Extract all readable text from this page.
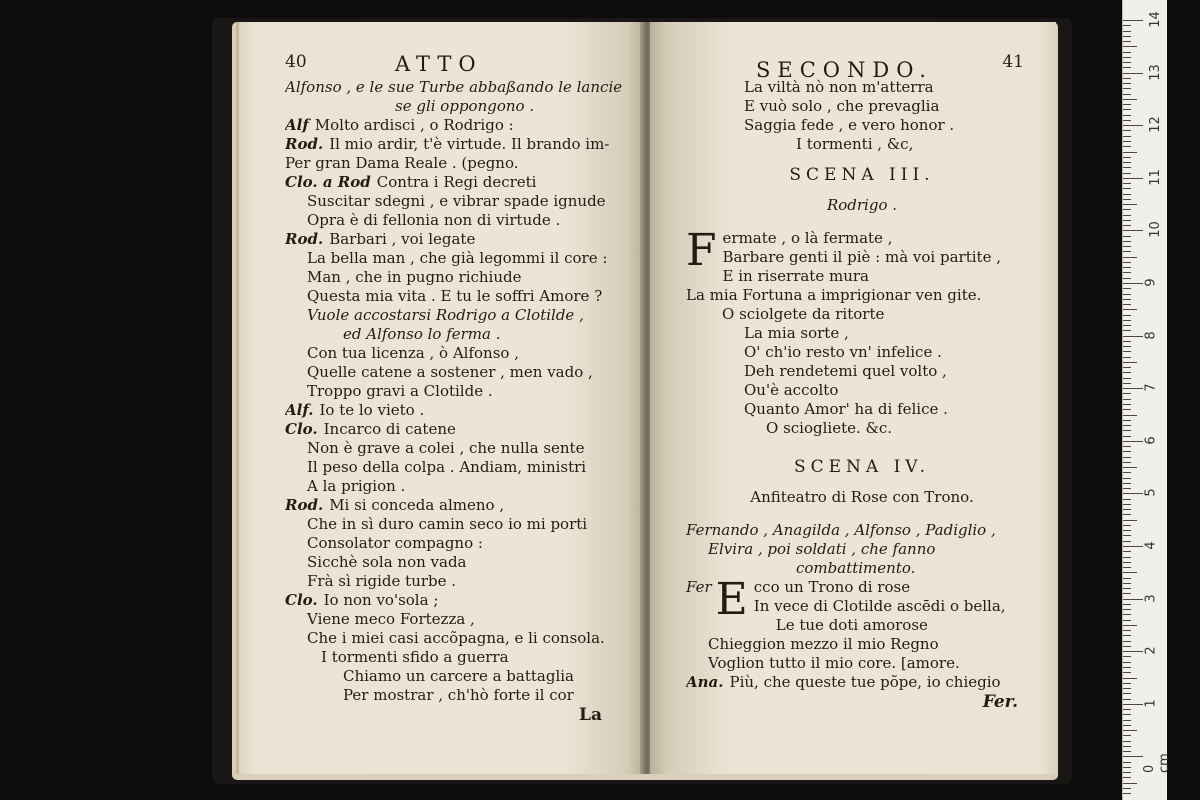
40	ATTO
Alfonso , e le sue Turbe abbaßando le lancie
se gli oppongono .
Alf Molto ardisci , o Rodrigo :
Rod. Il mio ardir, t'è virtude. Il brando im-
Per gran Dama Reale . (pegno.
Clo. a Rod Contra i Regi decreti
Suscitar sdegni , e vibrar spade ignude
Opra è di fellonia non di virtude .
Rod. Barbari , voi legate
La bella man , che già legommi il core :
Man , che in pugno richiude
Questa mia vita . E tu le soffri Amore ?
Vuole accostarsi Rodrigo a Clotilde ,
ed Alfonso lo ferma .
Con tua licenza , ò Alfonso ,
Quelle catene a sostener , men vado ,
Troppo gravi a Clotilde .
Alf. Io te lo vieto .
Clo. Incarco di catene
Non è grave a colei , che nulla sente
Il peso della colpa . Andiam, ministri
A la prigion .
Rod. Mi si conceda almeno ,
Che in sì duro camin seco io mi porti
Consolator compagno :
Sicchè sola non vada
Frà sì rigide turbe .
Clo. Io non vo'sola ;
Viene meco Fortezza ,
Che i miei casi accõpagna, e li consola.
I tormenti sfido a guerra
Chiamo un carcere a battaglia
Per mostrar , ch'hò forte il cor
La
SECONDO.	41
La viltà nò non m'atterra
E vuò solo , che prevaglia
Saggia fede , e vero honor .
I tormenti , &c,
SCENA III.
Rodrigo .
F ermate , o là fermate ,
Barbare genti il piè : mà voi partite ,
E in riserrate mura
La mia Fortuna a imprigionar ven gite.
O sciolgete da ritorte
La mia sorte ,
O' ch'io resto vn' infelice .
Deh rendetemi quel volto ,
Ou'è accolto
Quanto Amor' ha di felice .
O sciogliete. &c.
SCENA IV.
Anfiteatro di Rose con Trono.
Fernando , Anagilda , Alfonso , Padiglio ,
Elvira , poi soldati , che fanno
combattimento.
Fer E cco un Trono di rose
In vece di Clotilde ascēdi o bella,
Le tue doti amorose
Chieggion mezzo il mio Regno
Voglion tutto il mio core. [amore.
Ana. Più, che queste tue põpe, io chiegio
Fer.
14
13
12
11
10
9
8
7
6
5
4
3
2
1
0 cm
